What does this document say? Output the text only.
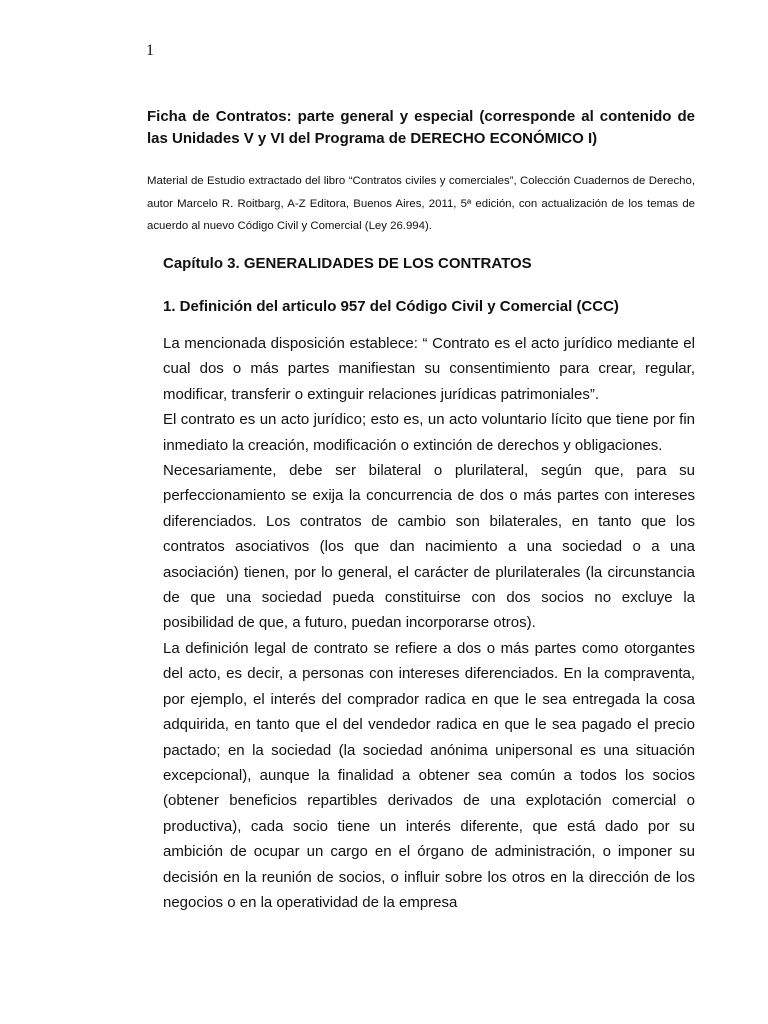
1
Ficha de Contratos: parte general y especial (corresponde al contenido de las Unidades V y VI del Programa de DERECHO ECONÓMICO I)

Material de Estudio extractado del libro “Contratos civiles y comerciales”, Colección Cuadernos de Derecho, autor Marcelo R. Roitbarg, A-Z Editora, Buenos Aires, 2011, 5ª edición, con actualización de los temas de acuerdo al nuevo Código Civil y Comercial (Ley 26.994).

Capítulo 3. GENERALIDADES DE LOS CONTRATOS
1. Definición del articulo 957 del Código Civil y Comercial (CCC)

La mencionada disposición establece: “ Contrato es el acto jurídico mediante el cual dos o más partes manifiestan su consentimiento para crear, regular, modificar, transferir o extinguir relaciones jurídicas patrimoniales”.

El contrato es un acto jurídico; esto es, un acto voluntario lícito que tiene por fin inmediato la creación, modificación o extinción de derechos y obligaciones.

Necesariamente, debe ser bilateral o plurilateral, según que, para su perfeccionamiento se exija la concurrencia de dos o más partes con intereses diferenciados. Los contratos de cambio son bilaterales, en tanto que los contratos asociativos (los que dan nacimiento a una sociedad o a una asociación) tienen, por lo general, el carácter de plurilaterales (la circunstancia de que una sociedad pueda constituirse con dos socios no excluye la posibilidad de que, a futuro, puedan incorporarse otros).

La definición legal de contrato se refiere a dos o más partes como otorgantes del acto, es decir, a personas con intereses diferenciados. En la compraventa, por ejemplo, el interés del comprador radica en que le sea entregada la cosa adquirida, en tanto que el del vendedor radica en que le sea pagado el precio pactado; en la sociedad (la sociedad anónima unipersonal es una situación excepcional), aunque la finalidad a obtener sea común a todos los socios (obtener beneficios repartibles derivados de una explotación comercial o productiva), cada socio tiene un interés diferente, que está dado por su ambición de ocupar un cargo en el órgano de administración, o imponer su decisión en la reunión de socios, o influir sobre los otros en la dirección de los negocios o en la operatividad de la empresa
